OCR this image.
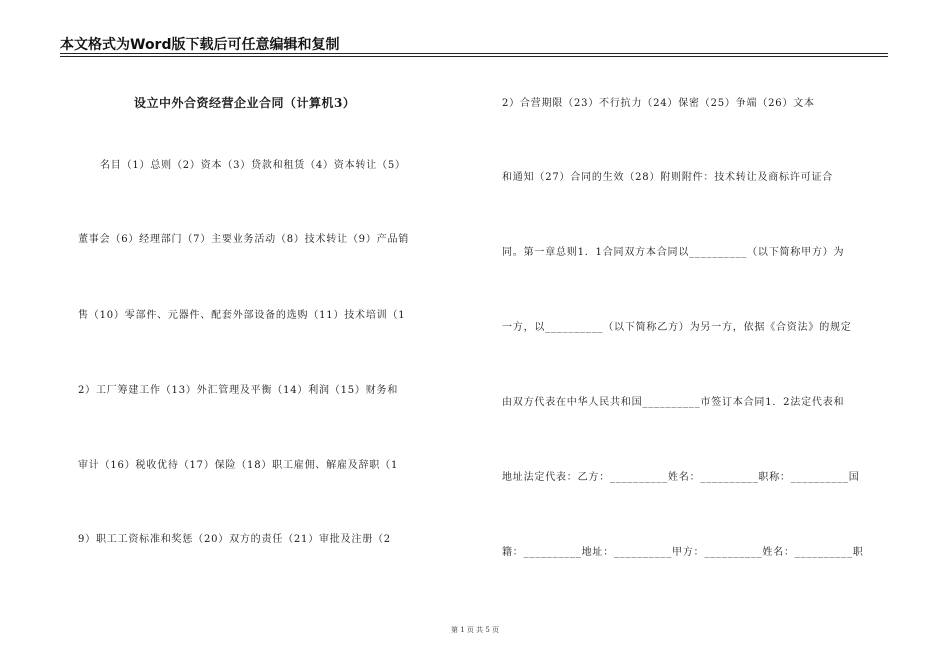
本文格式为Word版下载后可任意编辑和复制
设立中外合资经营企业合同（计算机3）
名目（1）总则（2）资本（3）贷款和租赁（4）资本转让（5）
董事会（6）经理部门（7）主要业务活动（8）技术转让（9）产品销
售（10）零部件、元器件、配套外部设备的选购（11）技术培训（1
2）工厂筹建工作（13）外汇管理及平衡（14）利润（15）财务和
审计（16）税收优待（17）保险（18）职工雇佣、解雇及辞职（1
9）职工工资标准和奖惩（20）双方的责任（21）审批及注册（2
2）合营期限（23）不行抗力（24）保密（25）争端（26）文本
和通知（27）合同的生效（28）附则附件：技术转让及商标许可证合
同。第一章总则1．1合同双方本合同以__________（以下简称甲方）为
一方，以__________（以下简称乙方）为另一方，依据《合资法》的规定
由双方代表在中华人民共和国__________市签订本合同1．2法定代表和
地址法定代表：乙方：__________姓名：__________职称：__________国
籍：__________地址：__________甲方：__________姓名：__________职
第 1 页 共 5 页
